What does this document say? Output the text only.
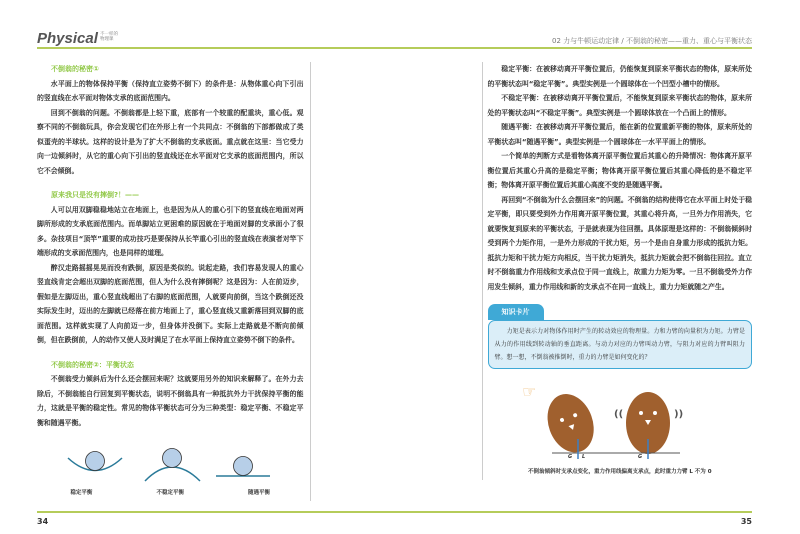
Physical 不一样的物理课	02 力与牛顿运动定律 / 不倒翁的秘密——重力、重心与平衡状态
不倒翁的秘密①

水平面上的物体保持平衡（保持直立姿势不倒下）的条件是：从物体重心向下引出的竖直线在水平面对物体支承的底面范围内。

回到不倒翁的问题。不倒翁都是上轻下重，底部有一个较重的配重块，重心低。观察不同的不倒翁玩具，你会发现它们在外形上有一个共同点：不倒翁的下部都做成了类似蛋壳的半球状。这样的设计是为了扩大不倒翁的支承底面。重点就在这里：当它受力向一边倾斜时，从它的重心向下引出的竖直线还在水平面对它支承的底面范围内，所以它不会倾倒。

原来我只是没有摔倒?！——

人可以用双脚稳稳地站立在地面上，也是因为从人的重心引下的竖直线在地面对两脚所形成的支承底面范围内。而单脚站立更困难的原因就在于地面对脚的支承面小了很多。杂技项目“顶竿”重要的成功技巧是要保持从长竿重心引出的竖直线在表演者对竿下端形成的支承面范围内，也是同样的道理。

醉汉走路摇摇晃晃而没有跌倒，原因是类似的。说起走路，我们容易发现人的重心竖直线肯定会超出双脚的底面范围，但人为什么没有摔倒呢？这是因为：人在前迈步，假如是左脚迈出，重心竖直线超出了右脚的底面范围，人就要向前倒，当这个跌倒还没实际发生时，迈出的左脚就已经落在前方地面上了，重心竖直线又重新落回到双脚的底面范围。这样就实现了人向前迈一步，但身体并没倒下。实际上走路就是不断向前倾倒，但在跌倒前，人的动作又使人及时满足了在水平面上保持直立姿势不倒下的条件。

不倒翁的秘密②：平衡状态

不倒翁受力倾斜后为什么还会摆回来呢？这就要用另外的知识来解释了。在外力去除后，不倒翁能自行回复到平衡状态，说明不倒翁具有一种抵抗外力干扰保持平衡的能力，这就是平衡的稳定性。常见的物体平衡状态可分为三种类型：稳定平衡、不稳定平衡和随遇平衡。

稳定平衡	不稳定平衡	随遇平衡

稳定平衡：在被移动离开平衡位置后，仍能恢复到原来平衡状态的物体，原来所处的平衡状态叫“稳定平衡”。典型实例是一个圆球体在一个凹型小槽中的情形。

不稳定平衡：在被移动离开平衡位置后，不能恢复到原来平衡状态的物体，原来所处的平衡状态叫“不稳定平衡”。典型实例是一个圆球体放在一个凸面上的情形。

随遇平衡：在被移动离开平衡位置后，能在新的位置重新平衡的物体，原来所处的平衡状态叫“随遇平衡”。典型实例是一个圆球体在一水平平面上的情形。

一个简单的判断方式是看物体离开原平衡位置后其重心的升降情况：物体离开原平衡位置后其重心升高的是稳定平衡；物体离开原平衡位置后其重心降低的是不稳定平衡；物体离开原平衡位置后其重心高度不变的是随遇平衡。

再回到“不倒翁为什么会摆回来”的问题。不倒翁的结构使得它在水平面上时处于稳定平衡，即只要受到外力作用离开原平衡位置，其重心将升高，一旦外力作用消失，它就要恢复到原来的平衡状态，于是就表现为往回摆。具体原理是这样的：不倒翁倾斜时受到两个力矩作用，一是外力形成的干扰力矩，另一个是由自身重力形成的抵抗力矩。抵抗力矩和干扰力矩方向相反，当干扰力矩消失，抵抗力矩就会把不倒翁往回拉。直立时不倒翁重力作用线和支承点位于同一直线上，故重力力矩为零。一旦不倒翁受外力作用发生倾斜，重力作用线和新的支承点不在同一直线上，重力力矩就随之产生。

知识卡片

力矩是表示力对物体作用时产生的转动效应的物理量。力和力臂的向量积为力矩。力臂是从力的作用线到转动轴的垂直距离。与动力对应的力臂叫动力臂，与阻力对应的力臂叫阻力臂。想一想，不倒翁被推倒时，重力的力臂是如何变化的？

☞
((	))
G L	G
不倒翁倾斜时支承点变化，重力作用线偏离支承点，此时重力力臂 L 不为 0
34	35
